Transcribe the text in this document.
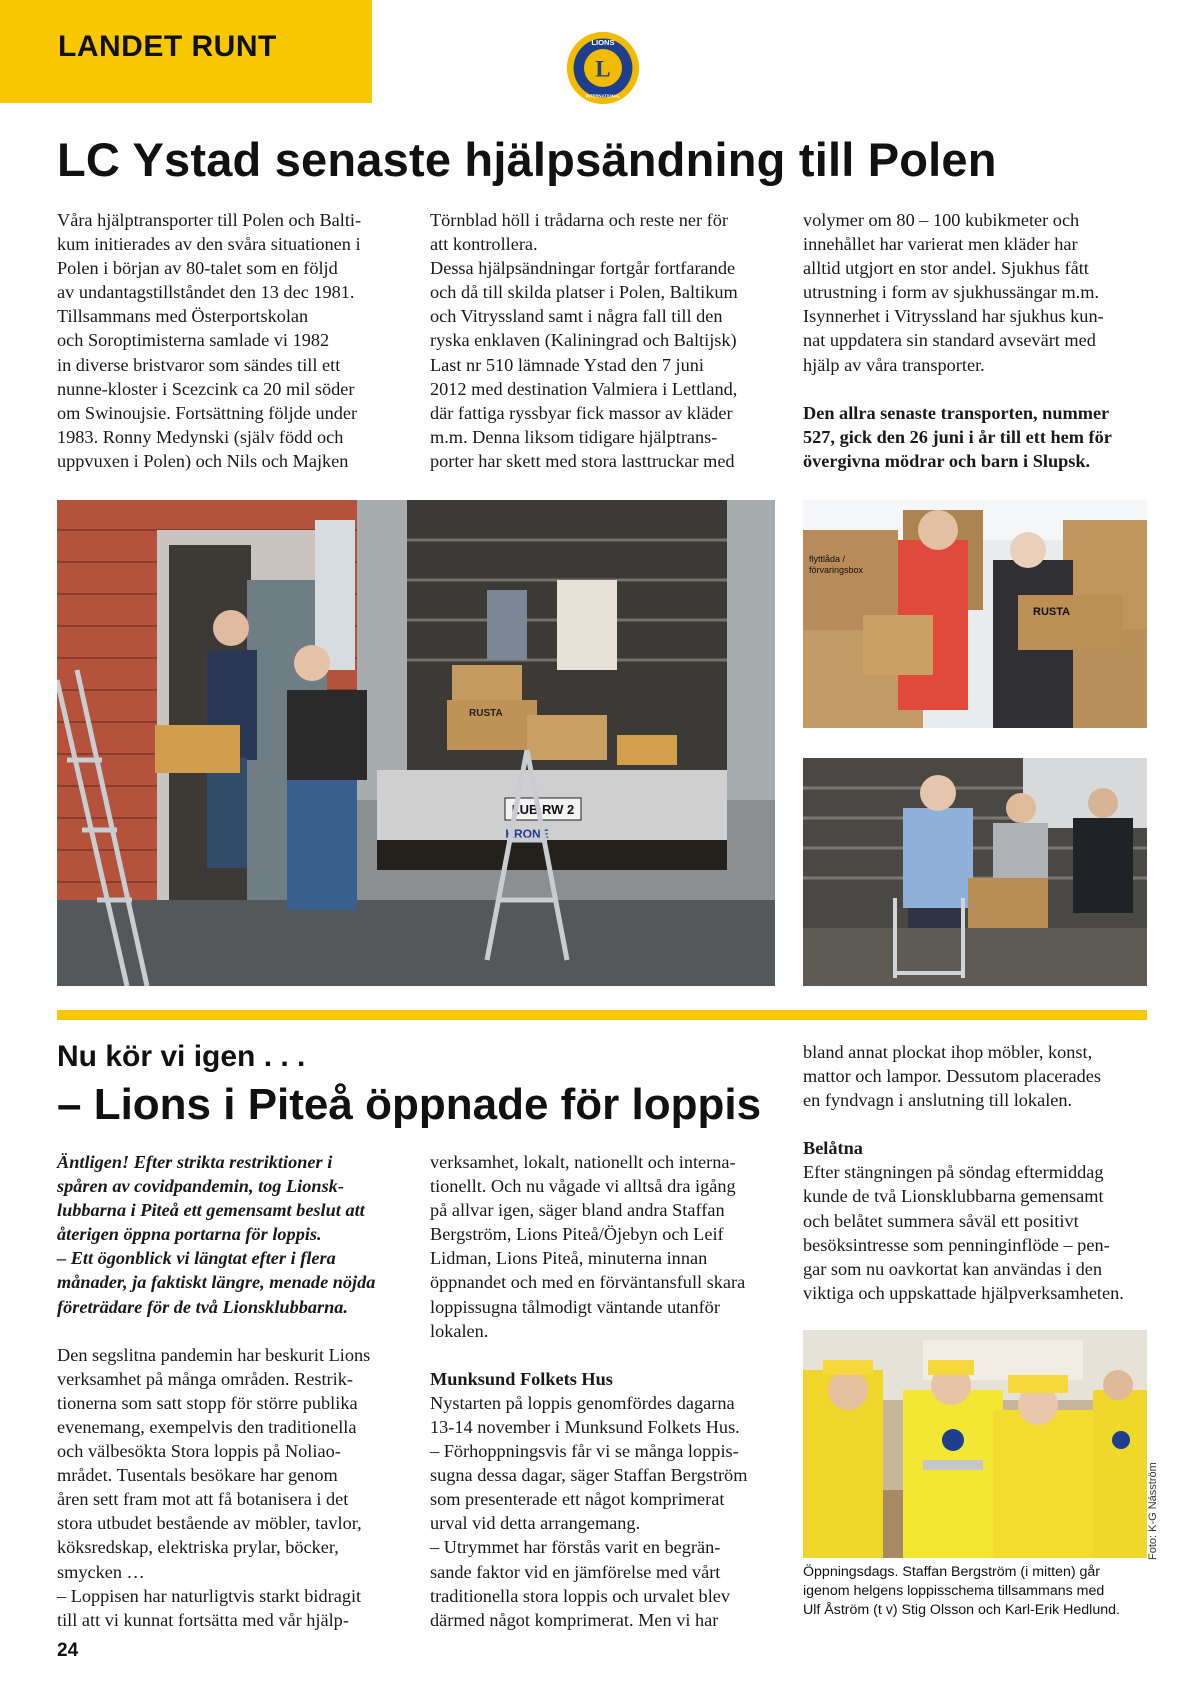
LANDET RUNT	LIONS
INTERNATIONAL
L
LC Ystad senaste hjälpsändning till Polen

Våra hjälptransporter till Polen och Balti-

kum initierades av den svåra situationen i

Polen i början av 80-talet som en följd

av undantagstillståndet den 13 dec 1981.

Tillsammans med Österportskolan

och Soroptimisterna samlade vi 1982

in diverse bristvaror som sändes till ett

nunne-kloster i Scezcink ca 20 mil söder

om Swinoujsie. Fortsättning följde under

1983. Ronny Medynski (själv född och

uppvuxen i Polen) och Nils och Majken

Törnblad höll i trådarna och reste ner för

att kontrollera.

Dessa hjälpsändningar fortgår fortfarande

och då till skilda platser i Polen, Baltikum

och Vitryssland samt i några fall till den

ryska enklaven (Kaliningrad och Baltijsk)

Last nr 510 lämnade Ystad den 7 juni

2012 med destination Valmiera i Lettland,

där fattiga ryssbyar fick massor av kläder

m.m. Denna liksom tidigare hjälptrans-

porter har skett med stora lasttruckar med

volymer om 80 – 100 kubikmeter och

innehållet har varierat men kläder har

alltid utgjort en stor andel. Sjukhus fått

utrustning i form av sjukhussängar m.m.

Isynnerhet i Vitryssland har sjukhus kun-

nat uppdatera sin standard avsevärt med

hjälp av våra transporter.

Den allra senaste transporten, nummer

527, gick den 26 juni i år till ett hem för

övergivna mödrar och barn i Slupsk.

LUB RW 2
KRONE
RUSTA
flyttlåda /
förvaringsbox
RUSTA
Nu kör vi igen . . .
– Lions i Piteå öppnade för loppis

Äntligen! Efter strikta restriktioner i

spåren av covidpandemin, tog Lionsk-

lubbarna i Piteå ett gemensamt beslut att

återigen öppna portarna för loppis.

– Ett ögonblick vi längtat efter i flera

månader, ja faktiskt längre, menade nöjda

företrädare för de två Lionsklubbarna.

Den segslitna pandemin har beskurit Lions

verksamhet på många områden. Restrik-

tionerna som satt stopp för större publika

evenemang, exempelvis den traditionella

och välbesökta Stora loppis på Noliao-

mrådet. Tusentals besökare har genom

åren sett fram mot att få botanisera i det

stora utbudet bestående av möbler, tavlor,

köksredskap, elektriska prylar, böcker,

smycken …

– Loppisen har naturligtvis starkt bidragit

till att vi kunnat fortsätta med vår hjälp-

verksamhet, lokalt, nationellt och interna-

tionellt. Och nu vågade vi alltså dra igång

på allvar igen, säger bland andra Staffan

Bergström, Lions Piteå/Öjebyn och Leif

Lidman, Lions Piteå, minuterna innan

öppnandet och med en förväntansfull skara

loppissugna tålmodigt väntande utanför

lokalen.

Munksund Folkets Hus

Nystarten på loppis genomfördes dagarna

13-14 november i Munksund Folkets Hus.

– Förhoppningsvis får vi se många loppis-

sugna dessa dagar, säger Staffan Bergström

som presenterade ett något komprimerat

urval vid detta arrangemang.

– Utrymmet har förstås varit en begrän-

sande faktor vid en jämförelse med vårt

traditionella stora loppis och urvalet blev

därmed något komprimerat. Men vi har

bland annat plockat ihop möbler, konst,

mattor och lampor. Dessutom placerades

en fyndvagn i anslutning till lokalen.

Belåtna

Efter stängningen på söndag eftermiddag

kunde de två Lionsklubbarna gemensamt

och belåtet summera såväl ett positivt

besöksintresse som penninginflöde – pen-

gar som nu oavkortat kan användas i den

viktiga och uppskattade hjälpverksamheten.

Foto: K-G Násström

Öppningsdags. Staffan Bergström (i mitten) går

igenom helgens loppisschema tillsammans med

Ulf Åström (t v) Stig Olsson och Karl-Erik Hedlund.

24
